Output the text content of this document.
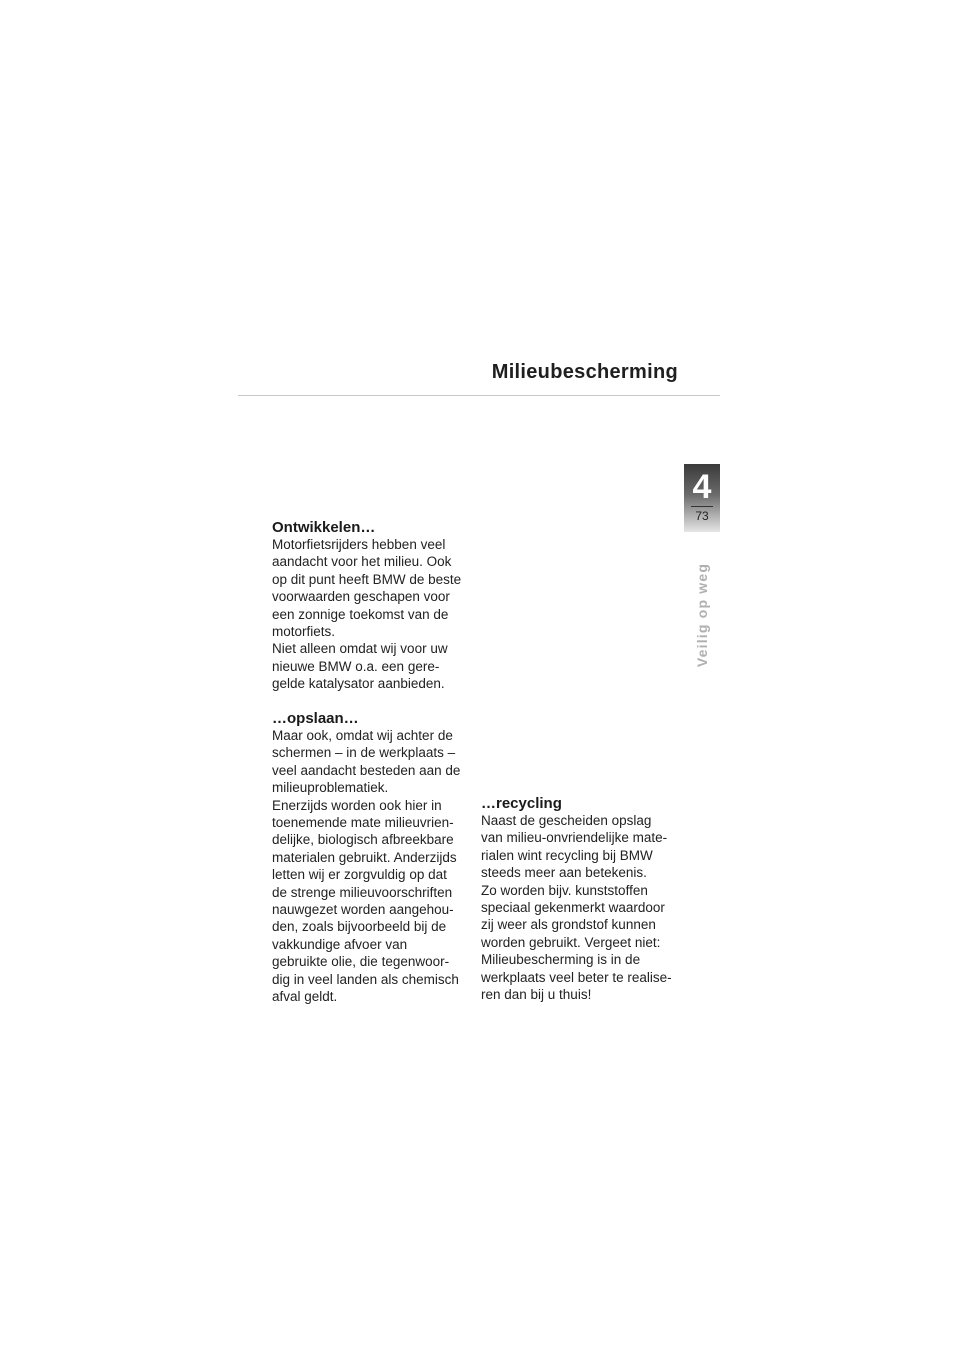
Milieubescherming
4
73
Veilig op weg
Ontwikkelen…

Motorfietsrijders hebben veel
aandacht voor het milieu. Ook
op dit punt heeft BMW de beste
voorwaarden geschapen voor
een zonnige toekomst van de
motorfiets.
Niet alleen omdat wij voor uw
nieuwe BMW o.a. een gere-
gelde katalysator aanbieden.

…opslaan…

Maar ook, omdat wij achter de
schermen – in de werkplaats –
veel aandacht besteden aan de
milieuproblematiek.
Enerzijds worden ook hier in
toenemende mate milieuvrien-
delijke, biologisch afbreekbare
materialen gebruikt. Anderzijds
letten wij er zorgvuldig op dat
de strenge milieuvoorschriften
nauwgezet worden aangehou-
den, zoals bijvoorbeeld bij de
vakkundige afvoer van
gebruikte olie, die tegenwoor-
dig in veel landen als chemisch
afval geldt.

…recycling

Naast de gescheiden opslag
van milieu-onvriendelijke mate-
rialen wint recycling bij BMW
steeds meer aan betekenis.
Zo worden bijv. kunststoffen
speciaal gekenmerkt waardoor
zij weer als grondstof kunnen
worden gebruikt. Vergeet niet:
Milieubescherming is in de
werkplaats veel beter te realise-
ren dan bij u thuis!
